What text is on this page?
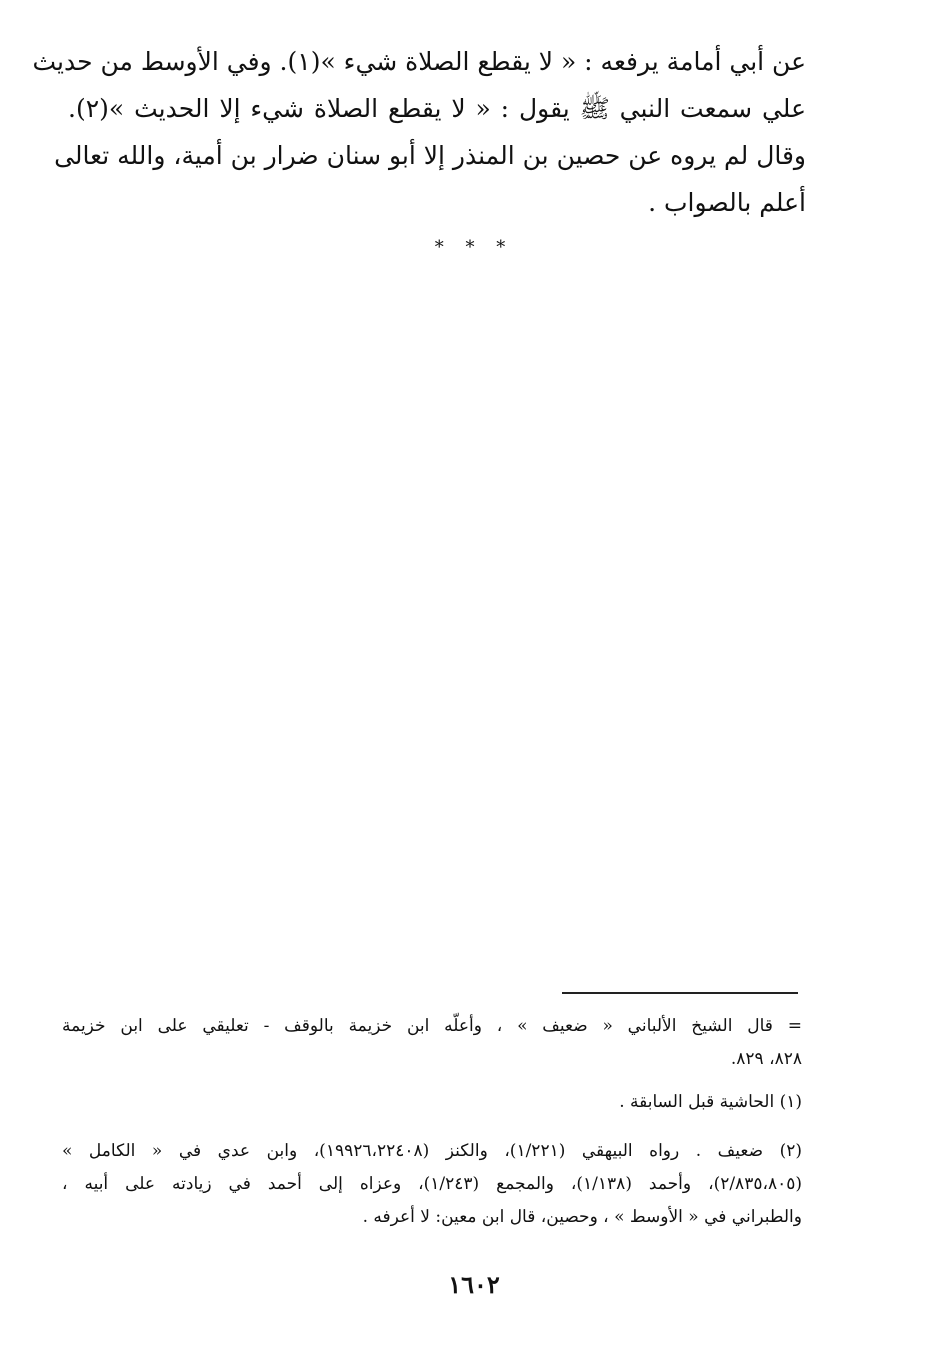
عن أبي أمامة يرفعه : « لا يقطع الصلاة شيء »(١). وفي الأوسط من حديث
علي سمعت النبي ﷺ يقول : « لا يقطع الصلاة شيء إلا الحديث »(٢).
وقال لم يروه عن حصين بن المنذر إلا أبو سنان ضرار بن أمية، والله تعالى
أعلم بالصواب .

* * *

= قال الشيخ الألباني « ضعيف » ، وأعلّه ابن خزيمة بالوقف - تعليقي على ابن خزيمة
٨٢٨، ٨٢٩.

(١) الحاشية قبل السابقة .

(٢) ضعيف . رواه البيهقي (١/٢٢١)، والكنز (١٩٩٢٦،٢٢٤٠٨)، وابن عدي في « الكامل »
(٢/٨٣٥،٨٠٥)، وأحمد (١/١٣٨)، والمجمع (١/٢٤٣)، وعزاه إلى أحمد في زيادته على أبيه ،
والطبراني في « الأوسط » ، وحصين، قال ابن معين: لا أعرفه .

١٦٠٢
